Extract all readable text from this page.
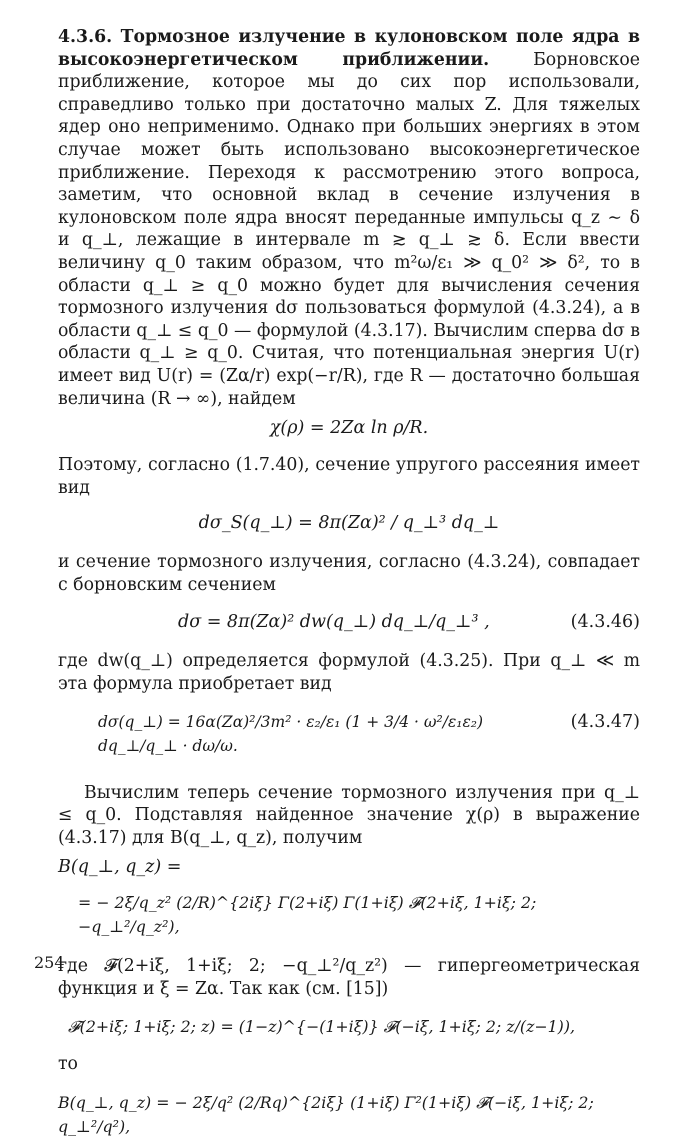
4.3.6. Тормозное излучение в кулоновском поле ядра в высокоэнергетическом приближении.	Борновское приближение, которое мы до сих пор использовали, справедливо только при достаточно малых Z. Для тяжелых ядер оно неприменимо. Однако при больших энергиях в этом случае может быть использовано высокоэнергетическое приближение. Переходя к рассмотрению этого вопроса, заметим, что основной вклад в сечение излучения в кулоновском поле ядра вносят переданные импульсы q_z ∼ δ и q_⊥, лежащие в интервале m ≳ q_⊥ ≳ δ. Если ввести величину q_0 таким образом, что m²ω/ε₁ ≫ q_0² ≫ δ², то в области q_⊥ ≥ q_0 можно будет для вычисления сечения тормозного излучения dσ пользоваться формулой (4.3.24), а в области q_⊥ ≤ q_0 — формулой (4.3.17). Вычислим сперва dσ в области q_⊥ ≥ q_0. Считая, что потенциальная энергия U(r) имеет вид U(r) = (Zα/r) exp(−r/R), где R — достаточно большая величина (R → ∞), найдем

χ(ρ) = 2Zα ln ρ/R.

Поэтому, согласно (1.7.40), сечение упругого рассеяния имеет вид

dσ_S(q_⊥) = 8π(Zα)² / q_⊥³ dq_⊥

и сечение тормозного излучения, согласно (4.3.24), совпадает с борновским сечением

dσ = 8π(Zα)² dw(q_⊥) dq_⊥/q_⊥³ ,	(4.3.46)

где dw(q_⊥) определяется формулой (4.3.25). При q_⊥ ≪ m эта формула приобретает вид

dσ(q_⊥) = 16α(Zα)²/3m² · ε₂/ε₁ (1 + 3/4 · ω²/ε₁ε₂) dq_⊥/q_⊥ · dω/ω.
(4.3.47)

Вычислим теперь сечение тормозного излучения при q_⊥ ≤ q_0. Подставляя найденное значение χ(ρ) в выражение (4.3.17) для B(q_⊥, q_z), получим

B(q_⊥, q_z) =

= − 2ξ/q_z² (2/R)^{2iξ} Γ(2+iξ) Γ(1+iξ) 𝓕(2+iξ, 1+iξ; 2; −q_⊥²/q_z²),

где 𝓕(2+iξ, 1+iξ; 2; −q_⊥²/q_z²) — гипергеометрическая функция и ξ = Zα. Так как (см. [15])

𝓕(2+iξ; 1+iξ; 2; z) = (1−z)^{−(1+iξ)} 𝓕(−iξ, 1+iξ; 2; z/(z−1)),

то

B(q_⊥, q_z) = − 2ξ/q² (2/Rq)^{2iξ} (1+iξ) Γ²(1+iξ) 𝓕(−iξ, 1+iξ; 2; q_⊥²/q²),

254
